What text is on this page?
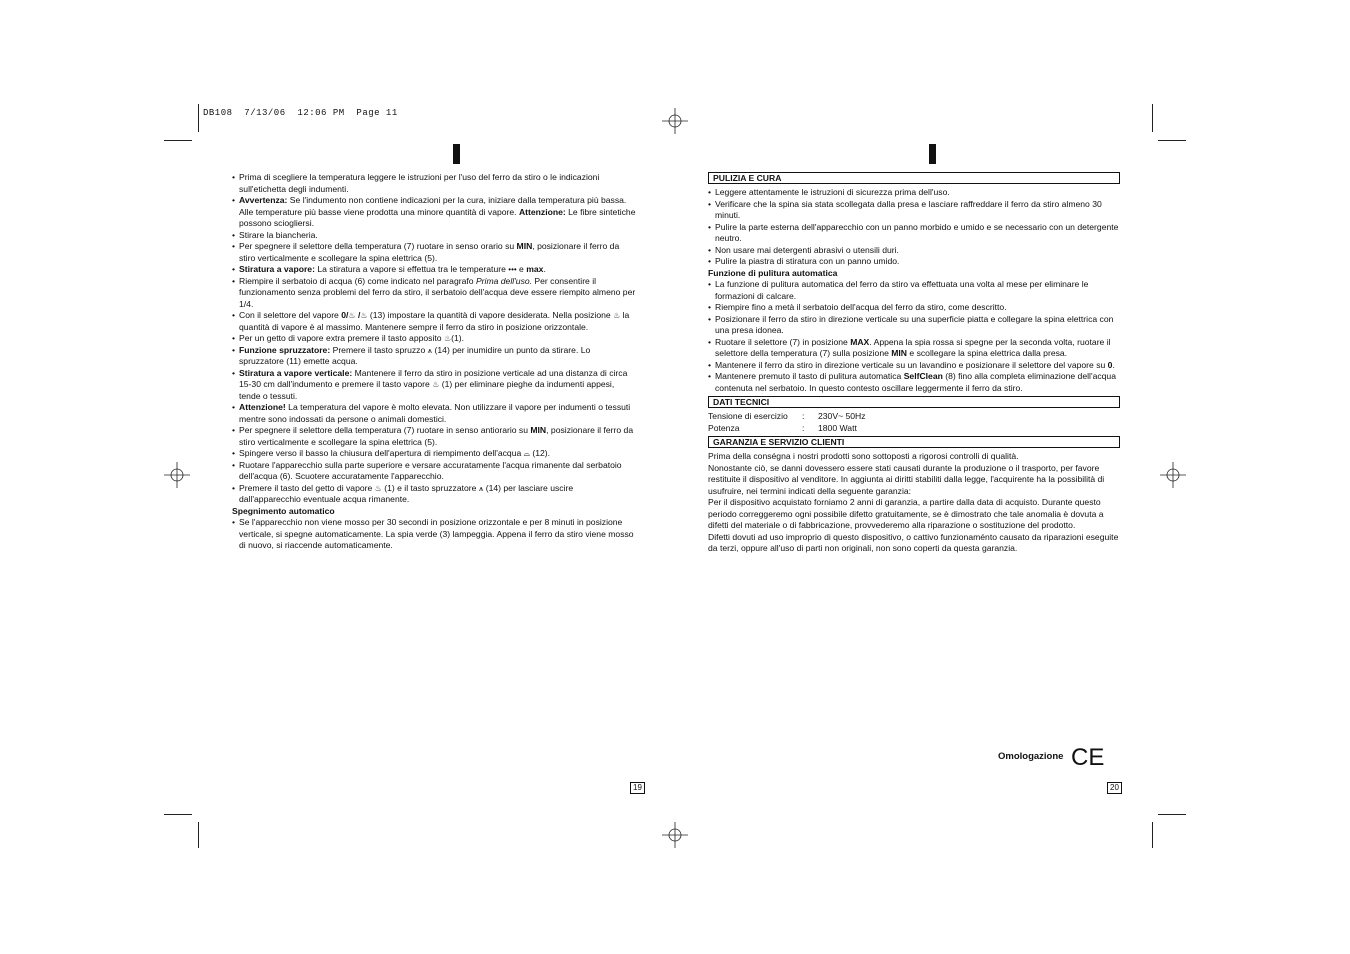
DB108  7/13/06  12:06 PM  Page 11
• Prima di scegliere la temperatura leggere le istruzioni per l'uso del ferro da stiro o le indicazioni sull'etichetta degli indumenti.
• Avvertenza: Se l'indumento non contiene indicazioni per la cura, iniziare dalla temperatura più bassa. Alle temperature più basse viene prodotta una minore quantità di vapore. Attenzione: Le fibre sintetiche possono sciogliersi.
• Stirare la biancheria.
• Per spegnere il selettore della temperatura (7) ruotare in senso orario su MIN, posizionare il ferro da stiro verticalmente e scollegare la spina elettrica (5).
• Stiratura a vapore: La stiratura a vapore si effettua tra le temperature ••• e max.
• Riempire il serbatoio di acqua (6) come indicato nel paragrafo Prima dell'uso. Per consentire il funzionamento senza problemi del ferro da stiro, il serbatoio dell'acqua deve essere riempito almeno per 1/4.
• Con il selettore del vapore 0/♨ /♨ (13) impostare la quantità di vapore desiderata. Nella posizione ♨ la quantità di vapore è al massimo. Mantenere sempre il ferro da stiro in posizione orizzontale.
• Per un getto di vapore extra premere il tasto apposito ♨(1).
• Funzione spruzzatore: Premere il tasto spruzzo ⩚ (14) per inumidire un punto da stirare. Lo spruzzatore (11) emette acqua.
• Stiratura a vapore verticale: Mantenere il ferro da stiro in posizione verticale ad una distanza di circa 15-30 cm dall'indumento e premere il tasto vapore ♨ (1) per eliminare pieghe da indumenti appesi, tende o tessuti.
• Attenzione! La temperatura del vapore è molto elevata. Non utilizzare il vapore per indumenti o tessuti mentre sono indossati da persone o animali domestici.
• Per spegnere il selettore della temperatura (7) ruotare in senso antiorario su MIN, posizionare il ferro da stiro verticalmente e scollegare la spina elettrica (5).
• Spingere verso il basso la chiusura dell'apertura di riempimento dell'acqua ⌓ (12).
• Ruotare l'apparecchio sulla parte superiore e versare accuratamente l'acqua rimanente dal serbatoio dell'acqua (6). Scuotere accuratamente l'apparecchio.
• Premere il tasto del getto di vapore ♨ (1) e il tasto spruzzatore ⩚ (14) per lasciare uscire dall'apparecchio eventuale acqua rimanente.
Spegnimento automatico
• Se l'apparecchio non viene mosso per 30 secondi in posizione orizzontale e per 8 minuti in posizione verticale, si spegne automaticamente. La spia verde (3) lampeggia. Appena il ferro da stiro viene mosso di nuovo, si riaccende automaticamente.
19
PULIZIA E CURA
• Leggere attentamente le istruzioni di sicurezza prima dell'uso.
• Verificare che la spina sia stata scollegata dalla presa e lasciare raffreddare il ferro da stiro almeno 30 minuti.
• Pulire la parte esterna dell'apparecchio con un panno morbido e umido e se necessario con un detergente neutro.
• Non usare mai detergenti abrasivi o utensili duri.
• Pulire la piastra di stiratura con un panno umido.
Funzione di pulitura automatica
• La funzione di pulitura automatica del ferro da stiro va effettuata una volta al mese per eliminare le formazioni di calcare.
• Riempire fino a metà il serbatoio dell'acqua del ferro da stiro, come descritto.
• Posizionare il ferro da stiro in direzione verticale su una superficie piatta e collegare la spina elettrica con una presa idonea.
• Ruotare il selettore (7) in posizione MAX. Appena la spia rossa si spegne per la seconda volta, ruotare il selettore della temperatura (7) sulla posizione MIN e scollegare la spina elettrica dalla presa.
• Mantenere il ferro da stiro in direzione verticale su un lavandino e posizionare il selettore del vapore su 0.
• Mantenere premuto il tasto di pulitura automatica SelfClean (8) fino alla completa eliminazione dell'acqua contenuta nel serbatoio. In questo contesto oscillare leggermente il ferro da stiro.
DATI TECNICI
Tensione di esercizio	:	230V~ 50Hz
Potenza	:	1800 Watt
GARANZIA E SERVIZIO CLIENTI
Prima della conségna i nostri prodotti sono sottoposti a rigorosi controlli di qualità.
Nonostante ciò, se danni dovessero essere stati causati durante la produzione o il trasporto, per favore restituite il dispositivo al venditore. In aggiunta ai diritti stabiliti dalla legge, l'acquirente ha la possibilità di usufruire, nei termini indicati della seguente garanzia:
Per il dispositivo acquistato forniamo 2 anni di garanzia, a partire dalla data di acquisto. Durante questo periodo correggeremo ogni possibile difetto gratuitamente, se è dimostrato che tale anomalia è dovuta a difetti del materiale o di fabbricazione, provvederemo alla riparazione o sostituzione del prodotto.
Difetti dovuti ad uso improprio di questo dispositivo, o cattivo funzionaménto causato da riparazioni eseguite da terzi, oppure all'uso di parti non originali, non sono coperti da questa garanzia.
Omologazione CE
20
